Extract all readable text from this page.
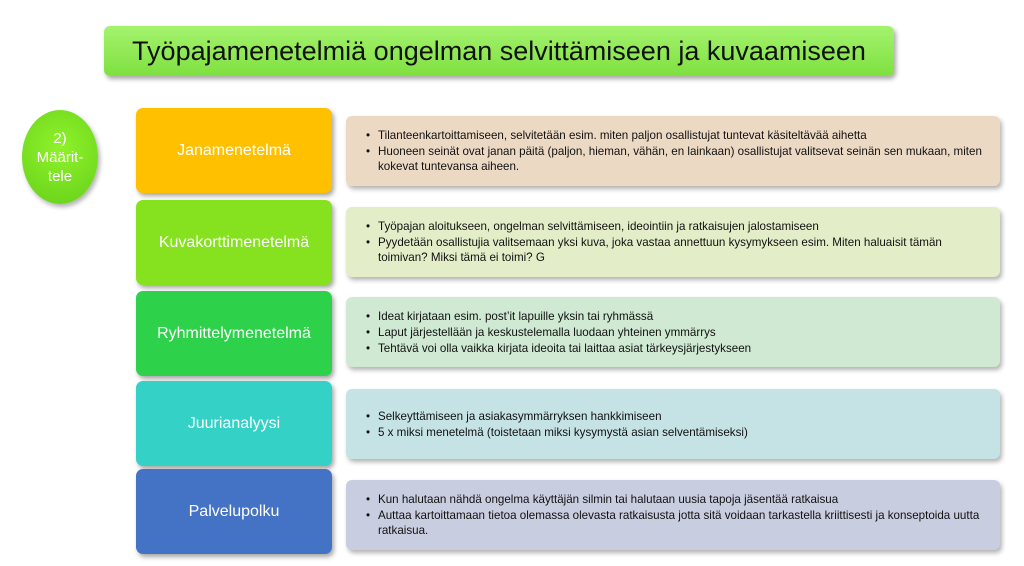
Työpajamenetelmiä ongelman selvittämiseen ja kuvaamiseen
2)
Määrit-
tele
Janamenetelmä
• Tilanteenkartoittamiseen, selvitetään esim. miten paljon osallistujat tuntevat käsiteltävää aihetta
• Huoneen seinät ovat janan päitä (paljon, hieman, vähän, en lainkaan) osallistujat valitsevat seinän sen mukaan, miten kokevat tuntevansa aiheen.
Kuvakorttimenetelmä
• Työpajan aloitukseen, ongelman selvittämiseen, ideointiin ja ratkaisujen jalostamiseen
• Pyydetään osallistujia valitsemaan yksi kuva, joka vastaa annettuun kysymykseen esim. Miten haluaisit tämän toimivan? Miksi tämä ei toimi? G
Ryhmittelymenetelmä
• Ideat kirjataan esim. post’it lapuille yksin tai ryhmässä
• Laput järjestellään ja keskustelemalla luodaan yhteinen ymmärrys
• Tehtävä voi olla vaikka kirjata ideoita tai laittaa asiat tärkeysjärjestykseen
Juurianalyysi
•	Selkeyttämiseen ja asiakasymmärryksen hankkimiseen
• 5 x miksi menetelmä (toistetaan miksi kysymystä asian selventämiseksi)
Palvelupolku
• Kun halutaan nähdä ongelma käyttäjän silmin tai halutaan uusia tapoja jäsentää ratkaisua
• Auttaa kartoittamaan tietoa olemassa olevasta ratkaisusta jotta sitä voidaan tarkastella kriittisesti ja konseptoida uutta ratkaisua.
